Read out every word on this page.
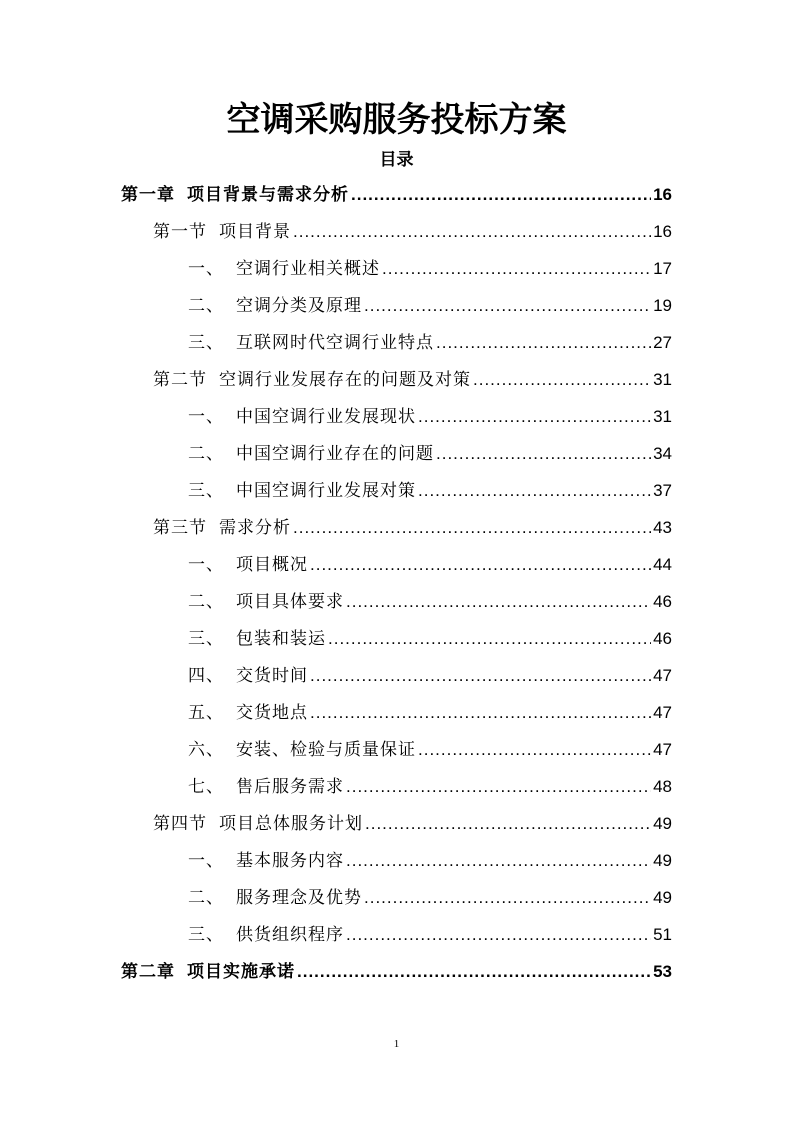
空调采购服务投标方案
目录
第一章 项目背景与需求分析 .....	16
第一节 项目背景 .....	16
一、 空调行业相关概述 .....	17
二、 空调分类及原理 .....	19
三、 互联网时代空调行业特点 .....	27
第二节 空调行业发展存在的问题及对策 .....	31
一、 中国空调行业发展现状 .....	31
二、 中国空调行业存在的问题 .....	34
三、 中国空调行业发展对策 .....	37
第三节 需求分析 .....	43
一、 项目概况 .....	44
二、 项目具体要求 .....	46
三、 包装和装运 .....	46
四、 交货时间 .....	47
五、 交货地点 .....	47
六、 安装、检验与质量保证 .....	47
七、 售后服务需求 .....	48
第四节 项目总体服务计划 .....	49
一、 基本服务内容 .....	49
二、 服务理念及优势 .....	49
三、 供货组织程序 .....	51
第二章 项目实施承诺 .....	53
1
